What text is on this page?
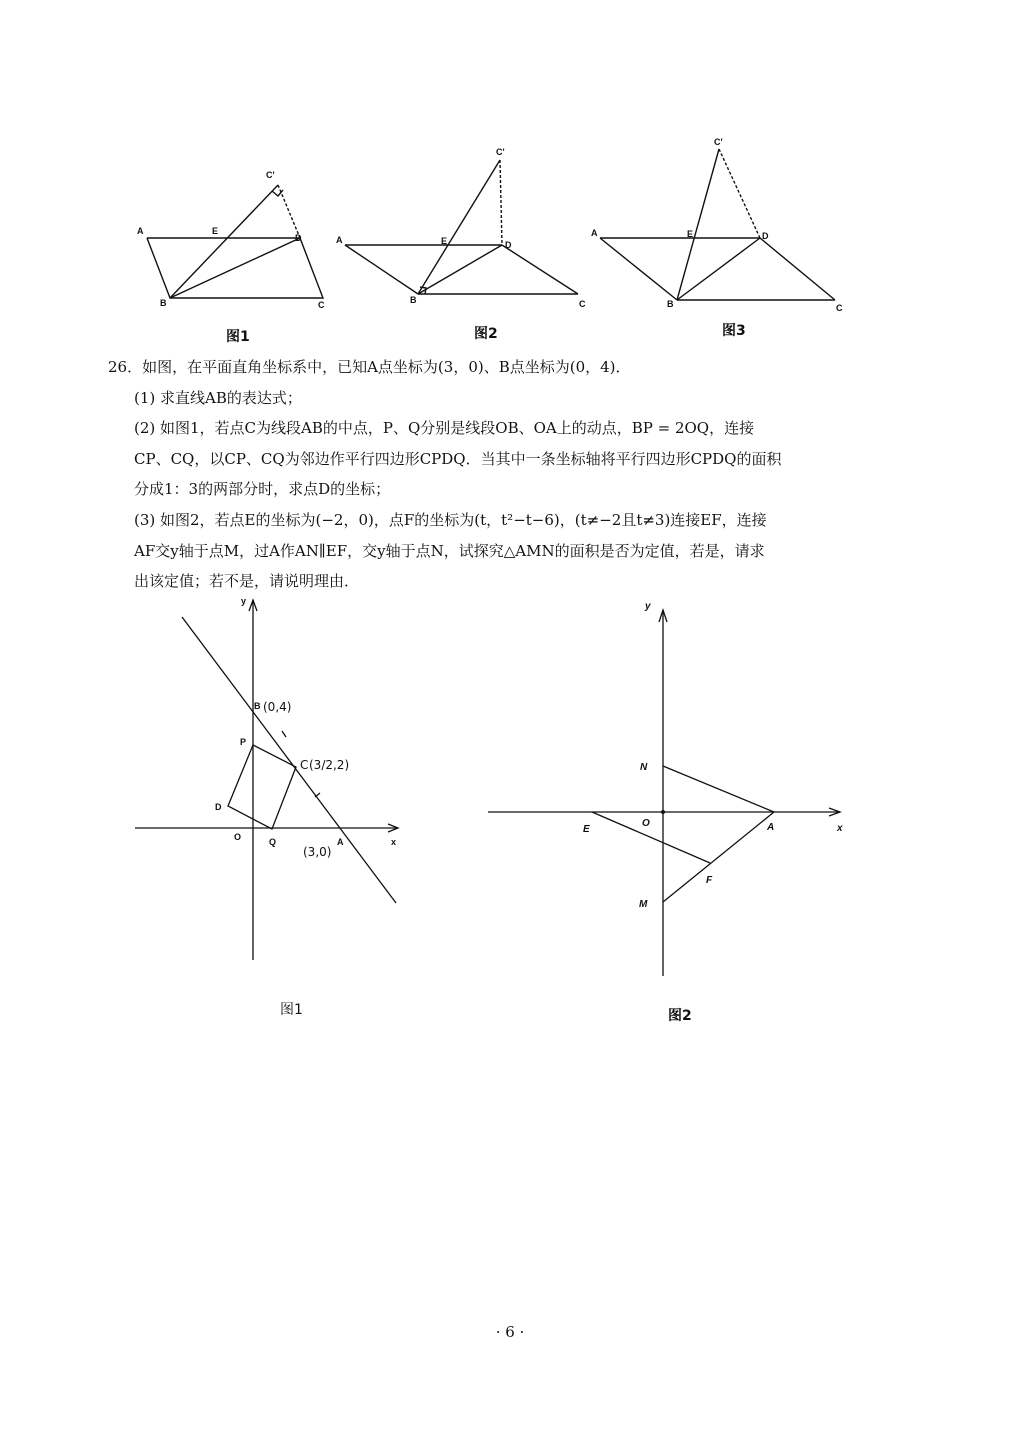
A
B	C
D
E
C'
图1
A
B	C
D
E
C'
图2
A
B	C
D
E
C'
图3

26．如图，在平面直角坐标系中，已知A点坐标为(3，0)、B点坐标为(0，4)．

(1) 求直线AB的表达式；

(2) 如图1，若点C为线段AB的中点，P、Q分别是线段OB、OA上的动点，BP = 2OQ，连接

CP、CQ，以CP、CQ为邻边作平行四边形CPDQ．当其中一条坐标轴将平行四边形CPDQ的面积

分成1：3的两部分时，求点D的坐标；

(3) 如图2，若点E的坐标为(−2，0)，点F的坐标为(t，t²−t−6)，(t≠−2且t≠3)连接EF，连接

AF交y轴于点M，过A作AN∥EF，交y轴于点N，试探究△AMN的面积是否为定值，若是，请求

出该定值；若不是，请说明理由．

y
x
O
B (0,4)
P
C (3/2,2)
D
Q	A
(3,0)
图1
y
x
O
N
E	A
F
M
图2
· 6 ·
